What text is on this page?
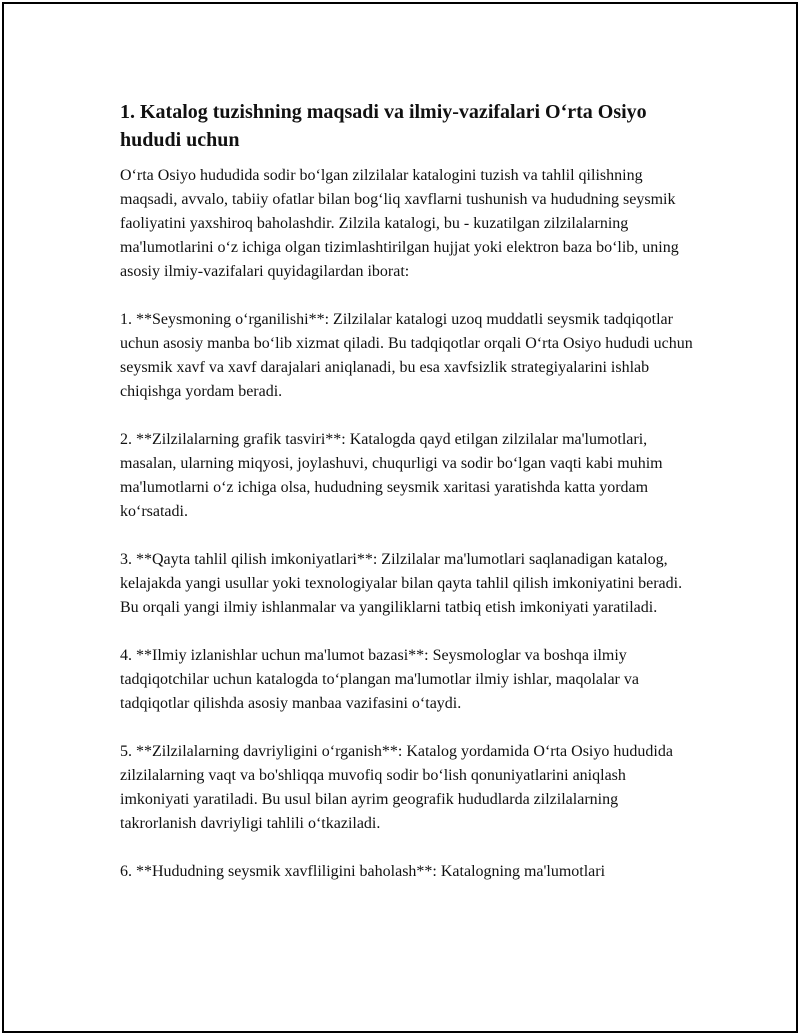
1. Katalog tuzishning maqsadi va ilmiy-vazifalari O‘rta Osiyo hududi uchun

O‘rta Osiyo hududida sodir bo‘lgan zilzilalar katalogini tuzish va tahlil qilishning maqsadi, avvalo, tabiiy ofatlar bilan bog‘liq xavflarni tushunish va hududning seysmik faoliyatini yaxshiroq baholashdir. Zilzila katalogi, bu - kuzatilgan zilzilalarning ma'lumotlarini o‘z ichiga olgan tizimlashtirilgan hujjat yoki elektron baza bo‘lib, uning asosiy ilmiy-vazifalari quyidagilardan iborat:

1. **Seysmoning o‘rganilishi**: Zilzilalar katalogi uzoq muddatli seysmik tadqiqotlar uchun asosiy manba bo‘lib xizmat qiladi. Bu tadqiqotlar orqali O‘rta Osiyo hududi uchun seysmik xavf va xavf darajalari aniqlanadi, bu esa xavfsizlik strategiyalarini ishlab chiqishga yordam beradi.

2. **Zilzilalarning grafik tasviri**: Katalogda qayd etilgan zilzilalar ma'lumotlari, masalan, ularning miqyosi, joylashuvi, chuqurligi va sodir bo‘lgan vaqti kabi muhim ma'lumotlarni o‘z ichiga olsa, hududning seysmik xaritasi yaratishda katta yordam ko‘rsatadi.

3. **Qayta tahlil qilish imkoniyatlari**: Zilzilalar ma'lumotlari saqlanadigan katalog, kelajakda yangi usullar yoki texnologiyalar bilan qayta tahlil qilish imkoniyatini beradi. Bu orqali yangi ilmiy ishlanmalar va yangiliklarni tatbiq etish imkoniyati yaratiladi.

4. **Ilmiy izlanishlar uchun ma'lumot bazasi**: Seysmologlar va boshqa ilmiy tadqiqotchilar uchun katalogda to‘plangan ma'lumotlar ilmiy ishlar, maqolalar va tadqiqotlar qilishda asosiy manbaa vazifasini o‘taydi.

5. **Zilzilalarning davriyligini o‘rganish**: Katalog yordamida O‘rta Osiyo hududida zilzilalarning vaqt va bo'shliqqa muvofiq sodir bo‘lish qonuniyatlarini aniqlash imkoniyati yaratiladi. Bu usul bilan ayrim geografik hududlarda zilzilalarning takrorlanish davriyligi tahlili o‘tkaziladi.

6. **Hududning seysmik xavfliligini baholash**: Katalogning ma'lumotlari
